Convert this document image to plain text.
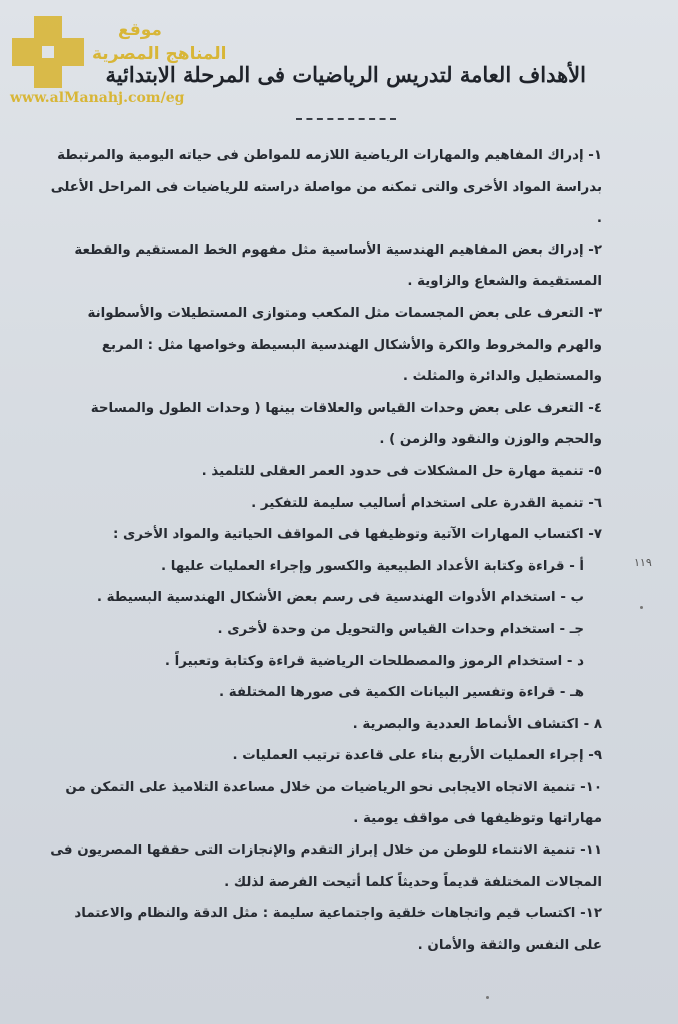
موقع
المناهج المصرية
www.alManahj.com/eg
الأهداف العامة لتدريس الرياضيات فى المرحلة الابتدائية

١- إدراك المفاهيم والمهارات الرياضية اللازمه للمواطن فى حياته اليومية والمرتبطة بدراسة المواد الأخرى والتى تمكنه من مواصلة دراسته للرياضيات فى المراحل الأعلى .

٢- إدراك بعض المفاهيم الهندسية الأساسية مثل مفهوم الخط المستقيم والقطعة المستقيمة والشعاع والزاوية .

٣- التعرف على بعض المجسمات مثل المكعب ومتوازى المستطيلات والأسطوانة والهرم والمخروط والكرة والأشكال الهندسية البسيطة وخواصها مثل : المربع والمستطيل والدائرة والمثلث .

٤- التعرف على بعض وحدات القياس والعلاقات بينها ( وحدات الطول والمساحة والحجم والوزن والنقود والزمن ) .

٥- تنمية مهارة حل المشكلات فى حدود العمر العقلى للتلميذ .

٦- تنمية القدرة على استخدام أساليب سليمة للتفكير .

٧- اكتساب المهارات الآتية وتوظيفها فى المواقف الحياتية والمواد الأخرى :

أ - قراءة وكتابة الأعداد الطبيعية والكسور وإجراء العمليات عليها .

ب - استخدام الأدوات الهندسية فى رسم بعض الأشكال الهندسية البسيطة .

جـ - استخدام وحدات القياس والتحويل من وحدة لأخرى .

د - استخدام الرموز والمصطلحات الرياضية قراءة وكتابة وتعبيراً .

هـ - قراءة وتفسير البيانات الكمية فى صورها المختلفة .

٨ - اكتشاف الأنماط العددية والبصرية .

٩- إجراء العمليات الأربع بناء على قاعدة ترتيب العمليات .

١٠- تنمية الاتجاه الايجابى نحو الرياضيات من خلال مساعدة التلاميذ على التمكن من مهاراتها وتوظيفها فى مواقف يومية .

١١- تنمية الانتماء للوطن من خلال إبراز التقدم والإنجازات التى حققها المصريون فى المجالات المختلفة قديماً وحديثاً كلما أتيحت الفرصة لذلك .

١٢- اكتساب قيم واتجاهات خلقية واجتماعية سليمة : مثل الدقة والنظام والاعتماد على النفس والثقة والأمان .

١١٩
